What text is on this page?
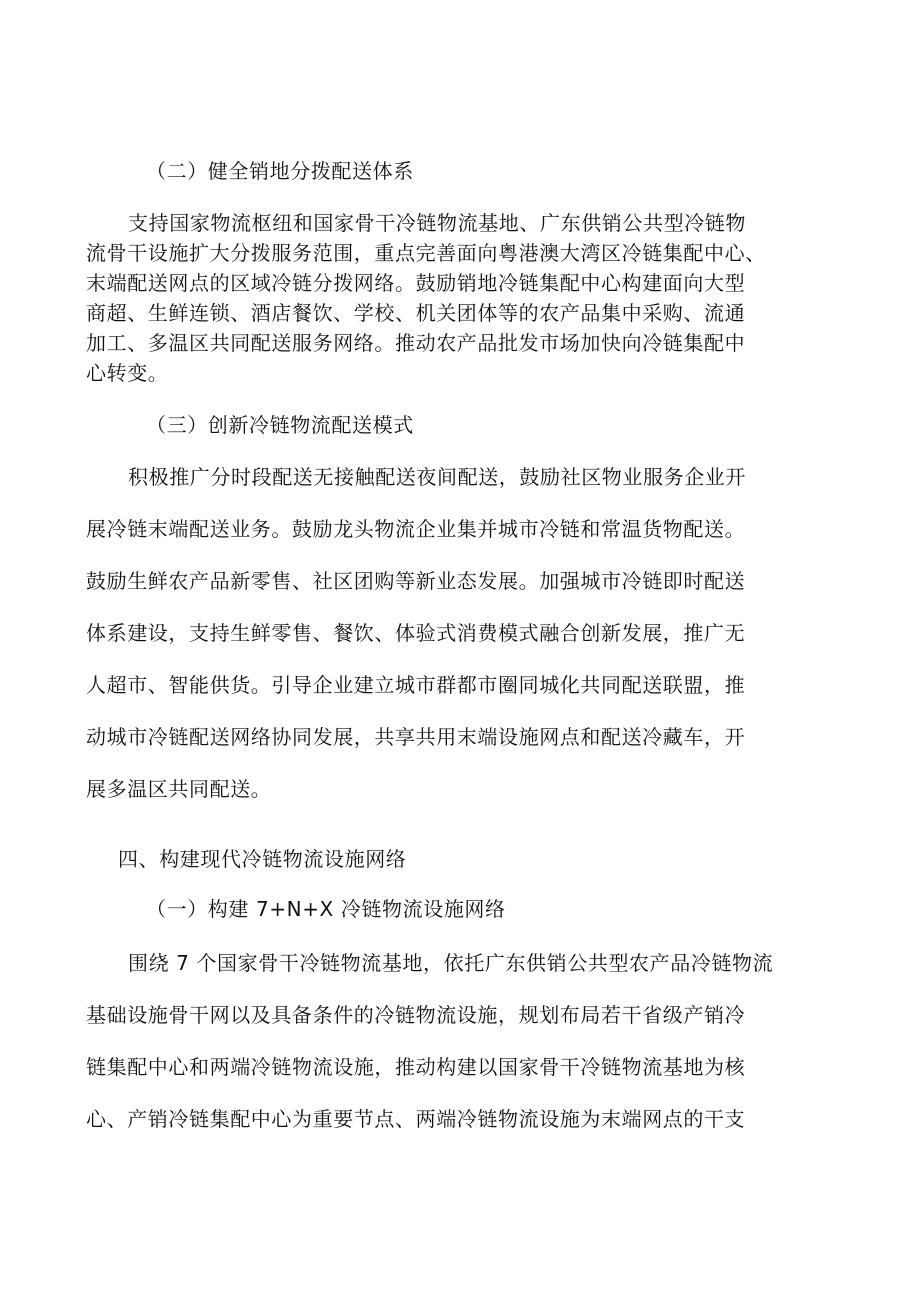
（二）健全销地分拨配送体系
支持国家物流枢纽和国家骨干冷链物流基地、广东供销公共型冷链物
流骨干设施扩大分拨服务范围，重点完善面向粤港澳大湾区冷链集配中心、
末端配送网点的区域冷链分拨网络。鼓励销地冷链集配中心构建面向大型
商超、生鲜连锁、酒店餐饮、学校、机关团体等的农产品集中采购、流通
加工、多温区共同配送服务网络。推动农产品批发市场加快向冷链集配中
心转变。
（三）创新冷链物流配送模式
积极推广分时段配送无接触配送夜间配送，鼓励社区物业服务企业开
展冷链末端配送业务。鼓励龙头物流企业集并城市冷链和常温货物配送。
鼓励生鲜农产品新零售、社区团购等新业态发展。加强城市冷链即时配送
体系建设，支持生鲜零售、餐饮、体验式消费模式融合创新发展，推广无
人超市、智能供货。引导企业建立城市群都市圈同城化共同配送联盟，推
动城市冷链配送网络协同发展，共享共用末端设施网点和配送冷藏车，开
展多温区共同配送。
四、构建现代冷链物流设施网络
（一）构建 7+N+X 冷链物流设施网络
围绕 7 个国家骨干冷链物流基地，依托广东供销公共型农产品冷链物流
基础设施骨干网以及具备条件的冷链物流设施，规划布局若干省级产销冷
链集配中心和两端冷链物流设施，推动构建以国家骨干冷链物流基地为核
心、产销冷链集配中心为重要节点、两端冷链物流设施为末端网点的干支
